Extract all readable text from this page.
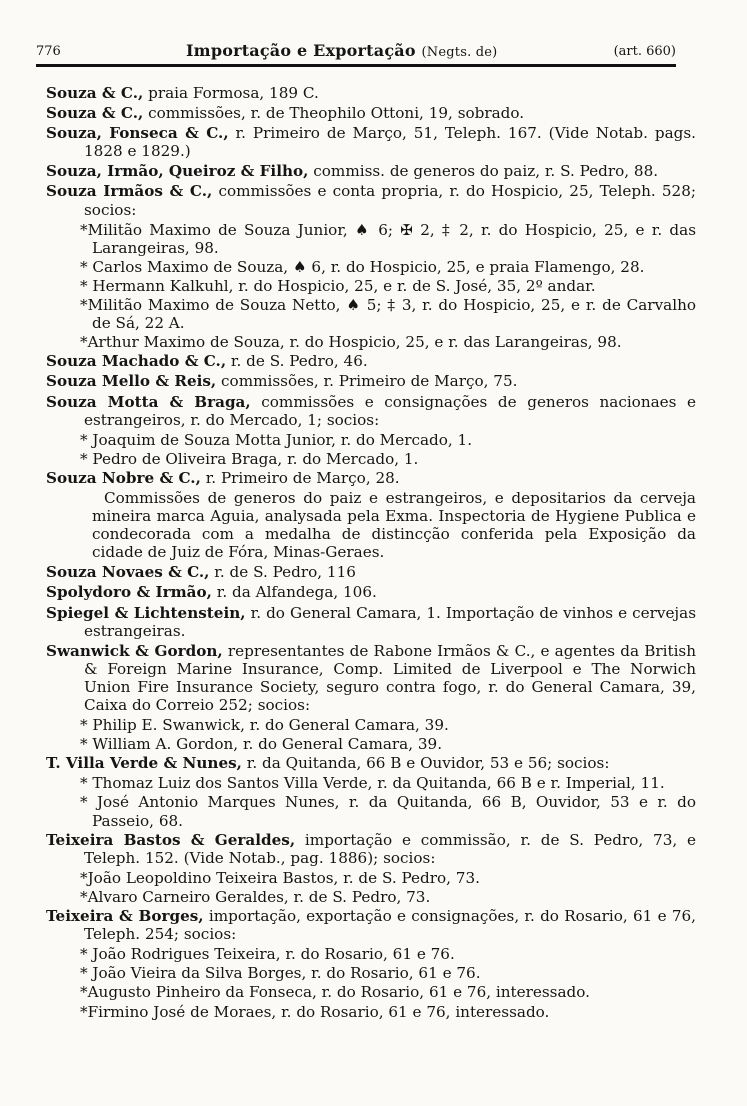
776	Importação e Exportação (Negts. de)	(art. 660)

Souza & C., praia Formosa, 189 C.

Souza & C., commissões, r. de Theophilo Ottoni, 19, sobrado.

Souza, Fonseca & C., r. Primeiro de Março, 51, Teleph. 167. (Vide Notab. pags. 1828 e 1829.)

Souza, Irmão, Queiroz & Filho, commiss. de generos do paiz, r. S. Pedro, 88.

Souza Irmãos & C., commissões e conta propria, r. do Hospicio, 25, Teleph. 528; socios:

*Militão Maximo de Souza Junior, ♠ 6; ✠ 2, ‡ 2, r. do Hospicio, 25, e r. das Larangeiras, 98.

* Carlos Maximo de Souza, ♠ 6, r. do Hospicio, 25, e praia Flamengo, 28.

* Hermann Kalkuhl, r. do Hospicio, 25, e r. de S. José, 35, 2º andar.

*Militão Maximo de Souza Netto, ♠ 5; ‡ 3, r. do Hospicio, 25, e r. de Carvalho de Sá, 22 A.

*Arthur Maximo de Souza, r. do Hospicio, 25, e r. das Larangeiras, 98.

Souza Machado & C., r. de S. Pedro, 46.

Souza Mello & Reis, commissões, r. Primeiro de Março, 75.

Souza Motta & Braga, commissões e consignações de generos nacionaes e estrangeiros, r. do Mercado, 1; socios:

* Joaquim de Souza Motta Junior, r. do Mercado, 1.

* Pedro de Oliveira Braga, r. do Mercado, 1.

Souza Nobre & C., r. Primeiro de Março, 28.

Commissões de generos do paiz e estrangeiros, e depositarios da cerveja mineira marca Aguia, analysada pela Exma. Inspectoria de Hygiene Publica e condecorada com a medalha de distincção conferida pela Exposição da cidade de Juiz de Fóra, Minas-Geraes.

Souza Novaes & C., r. de S. Pedro, 116

Spolydoro & Irmão, r. da Alfandega, 106.

Spiegel & Lichtenstein, r. do General Camara, 1. Importação de vinhos e cervejas estrangeiras.

Swanwick & Gordon, representantes de Rabone Irmãos & C., e agentes da British & Foreign Marine Insurance, Comp. Limited de Liverpool e The Norwich Union Fire Insurance Society, seguro contra fogo, r. do General Camara, 39, Caixa do Correio 252; socios:

* Philip E. Swanwick, r. do General Camara, 39.

* William A. Gordon, r. do General Camara, 39.

T. Villa Verde & Nunes, r. da Quitanda, 66 B e Ouvidor, 53 e 56; socios:

* Thomaz Luiz dos Santos Villa Verde, r. da Quitanda, 66 B e r. Imperial, 11.

* José Antonio Marques Nunes, r. da Quitanda, 66 B, Ouvidor, 53 e r. do Passeio, 68.

Teixeira Bastos & Geraldes, importação e commissão, r. de S. Pedro, 73, e Teleph. 152. (Vide Notab., pag. 1886); socios:

*João Leopoldino Teixeira Bastos, r. de S. Pedro, 73.

*Alvaro Carneiro Geraldes, r. de S. Pedro, 73.

Teixeira & Borges, importação, exportação e consignações, r. do Rosario, 61 e 76, Teleph. 254; socios:

* João Rodrigues Teixeira, r. do Rosario, 61 e 76.

* João Vieira da Silva Borges, r. do Rosario, 61 e 76.

*Augusto Pinheiro da Fonseca, r. do Rosario, 61 e 76, interessado.

*Firmino José de Moraes, r. do Rosario, 61 e 76, interessado.
